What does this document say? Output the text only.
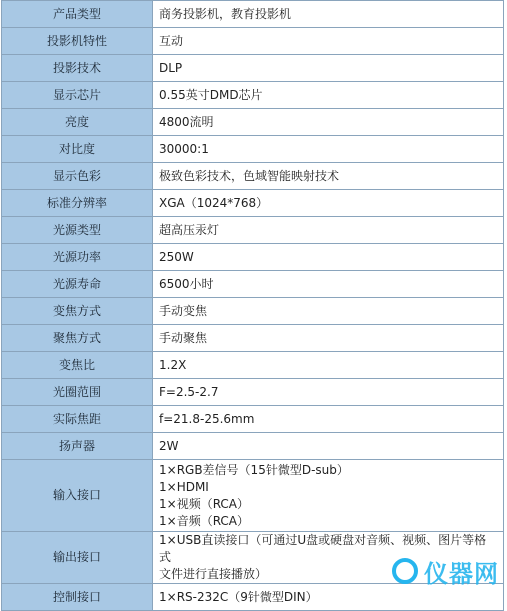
产品类型	商务投影机，教育投影机
投影机特性	互动
投影技术	DLP
显示芯片	0.55英寸DMD芯片
亮度	4800流明
对比度	30000:1
显示色彩	极致色彩技术，色域智能映射技术
标准分辨率	XGA（1024*768）
光源类型	超高压汞灯
光源功率	250W
光源寿命	6500小时
变焦方式	手动变焦
聚焦方式	手动聚焦
变焦比	1.2X
光圈范围	F=2.5-2.7
实际焦距	f=21.8-25.6mm
扬声器	2W
输入接口	1×RGB差信号（15针微型D-sub）
1×HDMI
1×视频（RCA）
1×音频（RCA）

输出接口	1×USB直读接口（可通过U盘或硬盘对音频、视频、图片等格式
文件进行直接播放）

控制接口	1×RS-232C（9针微型DIN）
仪器网
